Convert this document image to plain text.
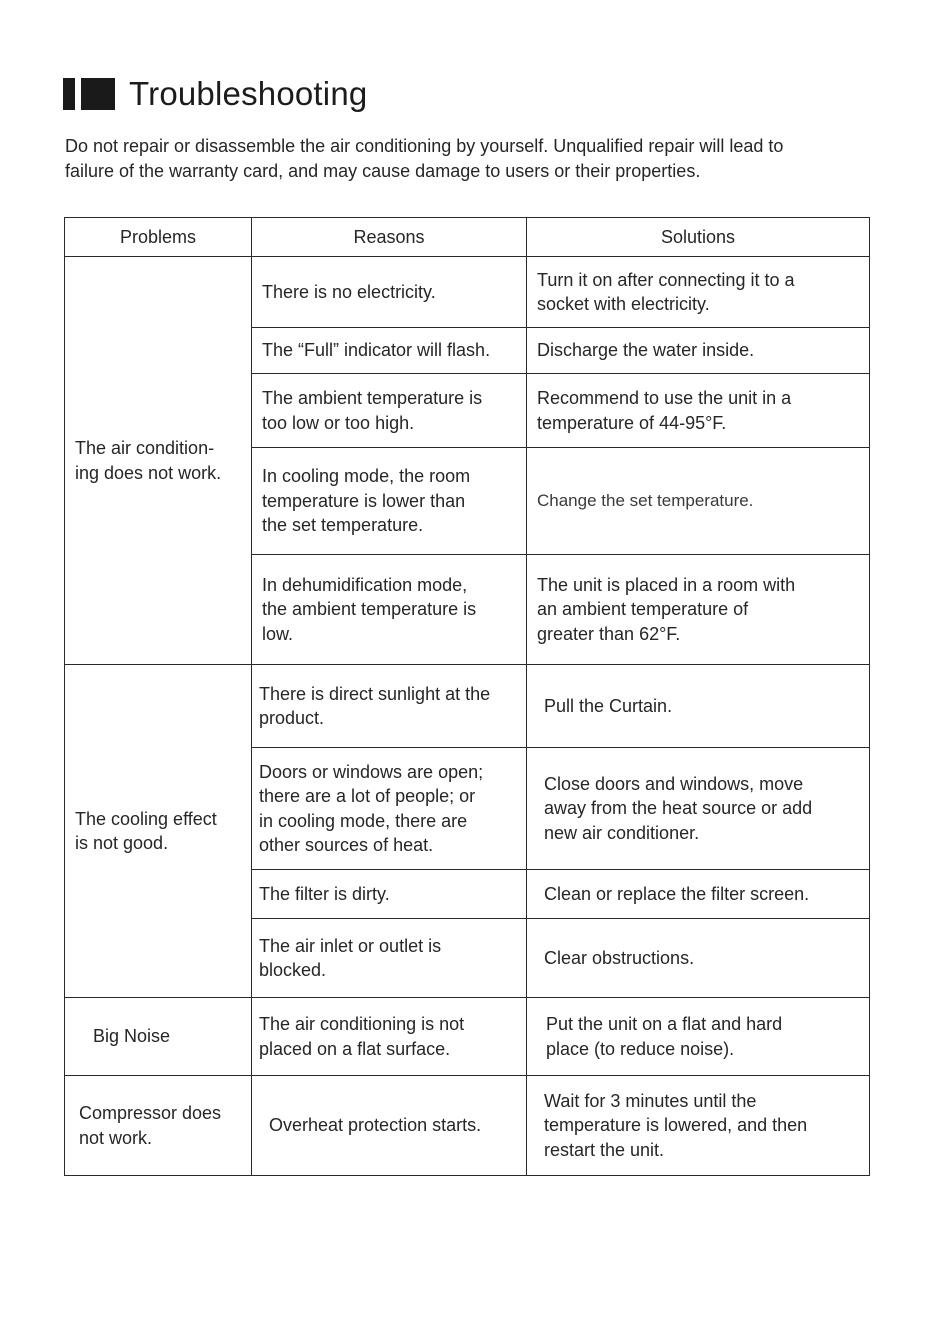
Troubleshooting
Do not repair or disassemble the air conditioning by yourself. Unqualified repair will lead to
failure of the warranty card, and may cause damage to users or their properties.
Problems	Reasons	Solutions

The air condition-
ing does not work.	There is no electricity.	Turn it on after connecting it to a
socket with electricity.

	The “Full” indicator will flash.	Discharge the water inside.

	The ambient temperature is
too low or too high.	Recommend to use the unit in a
temperature of 44-95°F.

	In cooling mode, the room
temperature is lower than
the set temperature.	Change the set temperature.

	In dehumidification mode,
the ambient temperature is
low.	The unit is placed in a room with
an ambient temperature of
greater than 62°F.

The cooling effect
is not good.	There is direct sunlight at the
product.	Pull the Curtain.

	Doors or windows are open;
there are a lot of people; or
in cooling mode, there are
other sources of heat.	Close doors and windows, move
away from the heat source or add
new air conditioner.

	The filter is dirty.	Clean or replace the filter screen.

	The air inlet or outlet is
blocked.	Clear obstructions.

Big Noise	The air conditioning is not
placed on a flat surface.	Put the unit on a flat and hard
place (to reduce noise).

Compressor does
not work.	Overheat protection starts.	Wait for 3 minutes until the
temperature is lowered, and then
restart the unit.
